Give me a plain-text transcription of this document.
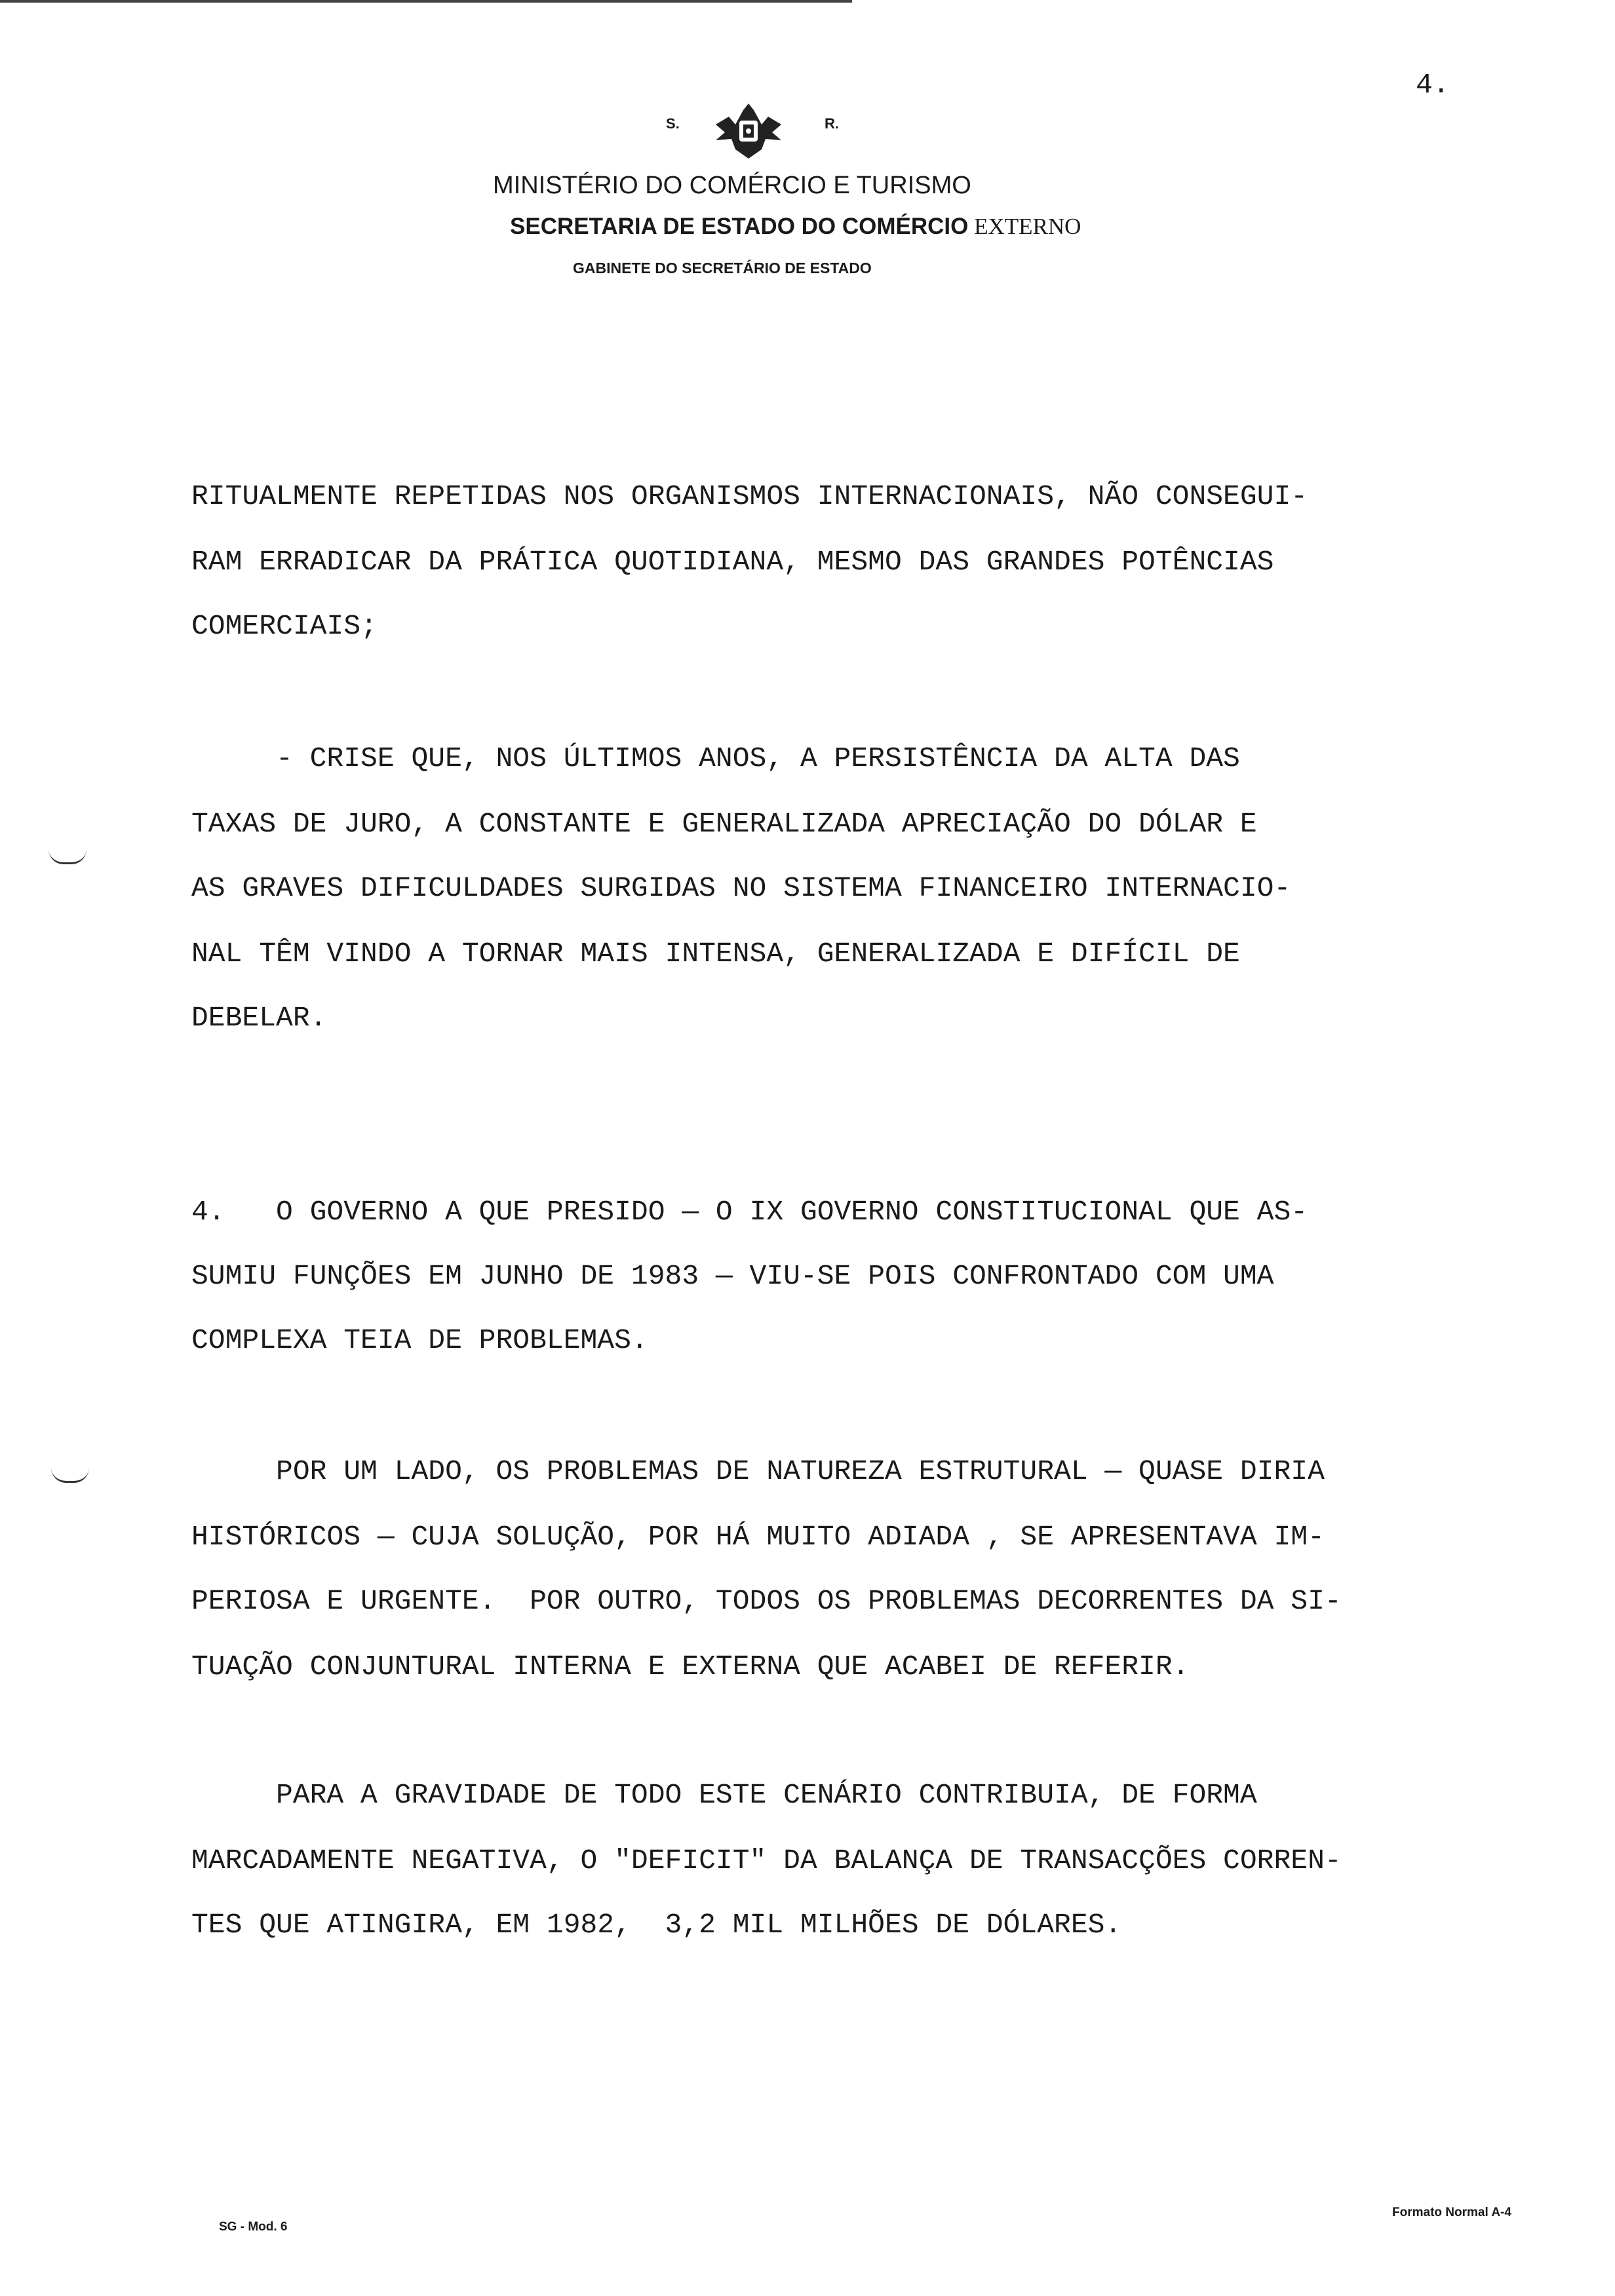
4.
S.	R.
MINISTÉRIO DO COMÉRCIO E TURISMO
SECRETARIA DE ESTADO DO COMÉRCIO EXTERNO
GABINETE DO SECRETÁRIO DE ESTADO
RITUALMENTE REPETIDAS NOS ORGANISMOS INTERNACIONAIS, NÃO CONSEGUI-
RAM ERRADICAR DA PRÁTICA QUOTIDIANA, MESMO DAS GRANDES POTÊNCIAS
COMERCIAIS;
- CRISE QUE, NOS ÚLTIMOS ANOS, A PERSISTÊNCIA DA ALTA DAS
TAXAS DE JURO, A CONSTANTE E GENERALIZADA APRECIAÇÃO DO DÓLAR E
AS GRAVES DIFICULDADES SURGIDAS NO SISTEMA FINANCEIRO INTERNACIO-
NAL TÊM VINDO A TORNAR MAIS INTENSA, GENERALIZADA E DIFÍCIL DE
DEBELAR.
4.   O GOVERNO A QUE PRESIDO — O IX GOVERNO CONSTITUCIONAL QUE AS-
SUMIU FUNÇÕES EM JUNHO DE 1983 — VIU-SE POIS CONFRONTADO COM UMA
COMPLEXA TEIA DE PROBLEMAS.
POR UM LADO, OS PROBLEMAS DE NATUREZA ESTRUTURAL — QUASE DIRIA
HISTÓRICOS — CUJA SOLUÇÃO, POR HÁ MUITO ADIADA , SE APRESENTAVA IM-
PERIOSA E URGENTE.  POR OUTRO, TODOS OS PROBLEMAS DECORRENTES DA SI-
TUAÇÃO CONJUNTURAL INTERNA E EXTERNA QUE ACABEI DE REFERIR.
PARA A GRAVIDADE DE TODO ESTE CENÁRIO CONTRIBUIA, DE FORMA
MARCADAMENTE NEGATIVA, O "DEFICIT" DA BALANÇA DE TRANSACÇÕES CORREN-
TES QUE ATINGIRA, EM 1982,  3,2 MIL MILHÕES DE DÓLARES.
SG - Mod. 6
Formato Normal A-4
